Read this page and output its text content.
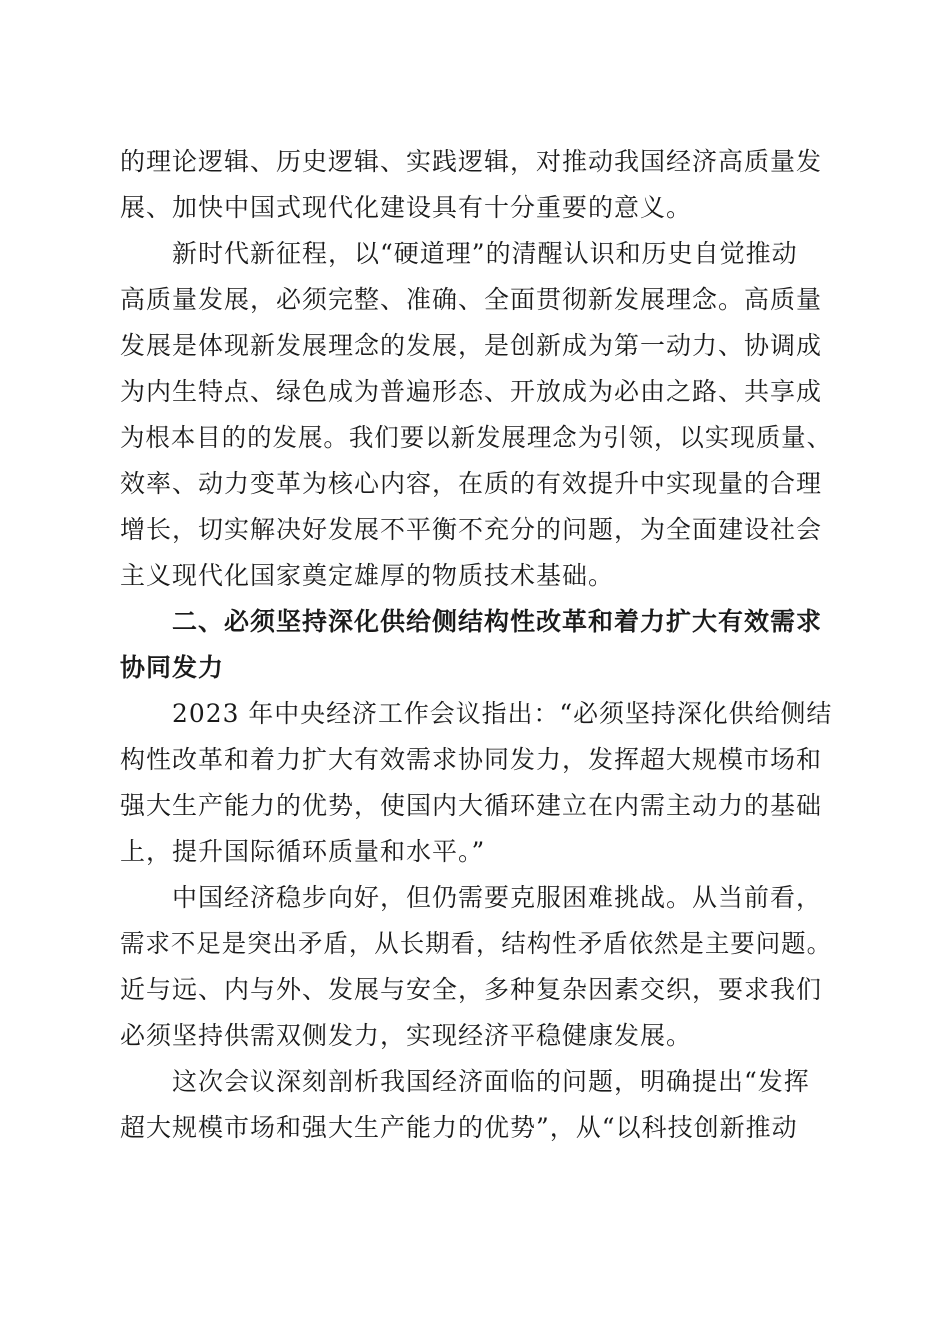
的理论逻辑、历史逻辑、实践逻辑，对推动我国经济高质量发
展、加快中国式现代化建设具有十分重要的意义。
新时代新征程，以“硬道理”的清醒认识和历史自觉推动
高质量发展，必须完整、准确、全面贯彻新发展理念。高质量
发展是体现新发展理念的发展，是创新成为第一动力、协调成
为内生特点、绿色成为普遍形态、开放成为必由之路、共享成
为根本目的的发展。我们要以新发展理念为引领，以实现质量、
效率、动力变革为核心内容，在质的有效提升中实现量的合理
增长，切实解决好发展不平衡不充分的问题，为全面建设社会
主义现代化国家奠定雄厚的物质技术基础。
二、必须坚持深化供给侧结构性改革和着力扩大有效需求
协同发力
2023 年中央经济工作会议指出：“必须坚持深化供给侧结
构性改革和着力扩大有效需求协同发力，发挥超大规模市场和
强大生产能力的优势，使国内大循环建立在内需主动力的基础
上，提升国际循环质量和水平。”
中国经济稳步向好，但仍需要克服困难挑战。从当前看，
需求不足是突出矛盾，从长期看，结构性矛盾依然是主要问题。
近与远、内与外、发展与安全，多种复杂因素交织，要求我们
必须坚持供需双侧发力，实现经济平稳健康发展。
这次会议深刻剖析我国经济面临的问题，明确提出“发挥
超大规模市场和强大生产能力的优势”，从“以科技创新推动
